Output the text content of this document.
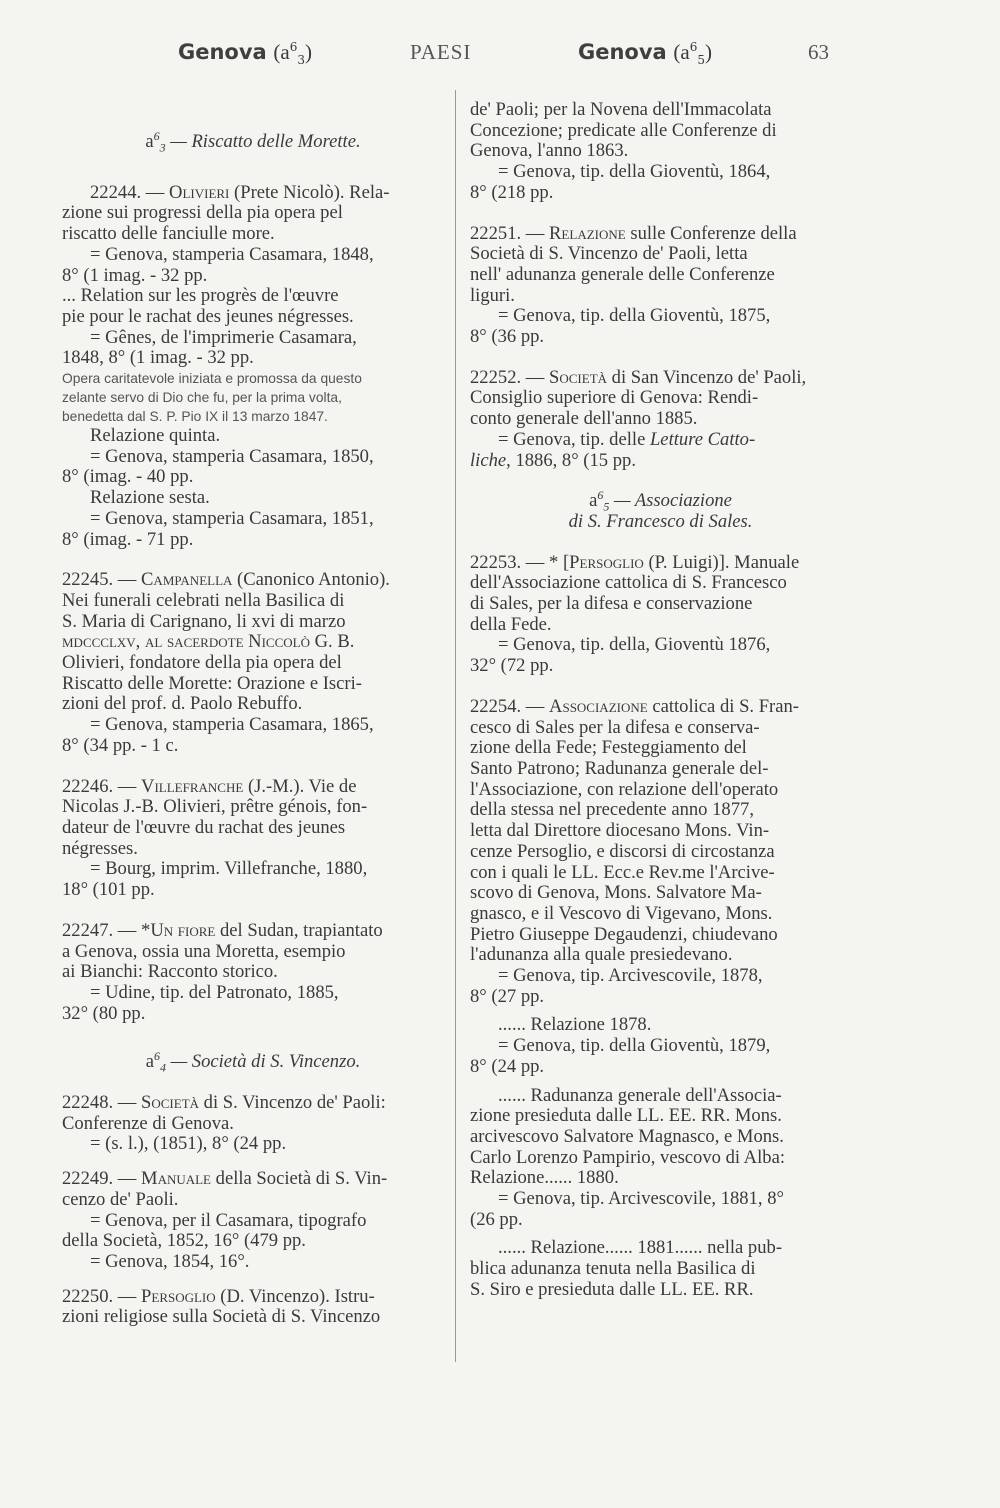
Genova $(a^6_3)$	PAESI	Genova $(a^6_5)$	63

$a^6_3$ — Riscatto delle Morette.

22244. — Olivieri (Prete Nicolò). Rela-

zione sui progressi della pia opera pel

riscatto delle fanciulle more.

= Genova, stamperia Casamara, 1848,

8° (1 imag. - 32 pp.

... Relation sur les progrès de l'œuvre

pie pour le rachat des jeunes négresses.

= Gênes, de l'imprimerie Casamara,

1848, 8° (1 imag. - 32 pp.

Opera caritatevole iniziata e promossa da questo

zelante servo di Dio che fu, per la prima volta,

benedetta dal S. P. Pio IX il 13 marzo 1847.

Relazione quinta.

= Genova, stamperia Casamara, 1850,

8° (imag. - 40 pp.

Relazione sesta.

= Genova, stamperia Casamara, 1851,

8° (imag. - 71 pp.

22245. — Campanella (Canonico Antonio).

Nei funerali celebrati nella Basilica di

S. Maria di Carignano, li xvi di marzo

mdccclxv, al sacerdote Niccolò G. B.

Olivieri, fondatore della pia opera del

Riscatto delle Morette: Orazione e Iscri-

zioni del prof. d. Paolo Rebuffo.

= Genova, stamperia Casamara, 1865,

8° (34 pp. - 1 c.

22246. — Villefranche (J.-M.). Vie de

Nicolas J.-B. Olivieri, prêtre génois, fon-

dateur de l'œuvre du rachat des jeunes

négresses.

= Bourg, imprim. Villefranche, 1880,

18° (101 pp.

22247. — *Un fiore del Sudan, trapiantato

a Genova, ossia una Moretta, esempio

ai Bianchi: Racconto storico.

= Udine, tip. del Patronato, 1885,

32° (80 pp.

$a^6_4$ — Società di S. Vincenzo.

22248. — Società di S. Vincenzo de' Paoli:

Conferenze di Genova.

= (s. l.), (1851), 8° (24 pp.

22249. — Manuale della Società di S. Vin-

cenzo de' Paoli.

= Genova, per il Casamara, tipografo

della Società, 1852, 16° (479 pp.

= Genova, 1854, 16°.

22250. — Persoglio (D. Vincenzo). Istru-

zioni religiose sulla Società di S. Vincenzo

de' Paoli; per la Novena dell'Immacolata

Concezione; predicate alle Conferenze di

Genova, l'anno 1863.

= Genova, tip. della Gioventù, 1864,

8° (218 pp.

22251. — Relazione sulle Conferenze della

Società di S. Vincenzo de' Paoli, letta

nell' adunanza generale delle Conferenze

liguri.

= Genova, tip. della Gioventù, 1875,

8° (36 pp.

22252. — Società di San Vincenzo de' Paoli,

Consiglio superiore di Genova: Rendi-

conto generale dell'anno 1885.

= Genova, tip. delle Letture Catto-

liche, 1886, 8° (15 pp.

$a^6_5$ — Associazione

di S. Francesco di Sales.

22253. — * [Persoglio (P. Luigi)]. Manuale

dell'Associazione cattolica di S. Francesco

di Sales, per la difesa e conservazione

della Fede.

= Genova, tip. della, Gioventù 1876,

32° (72 pp.

22254. — Associazione cattolica di S. Fran-

cesco di Sales per la difesa e conserva-

zione della Fede; Festeggiamento del

Santo Patrono; Radunanza generale del-

l'Associazione, con relazione dell'operato

della stessa nel precedente anno 1877,

letta dal Direttore diocesano Mons. Vin-

cenze Persoglio, e discorsi di circostanza

con i quali le LL. Ecc.e Rev.me l'Arcive-

scovo di Genova, Mons. Salvatore Ma-

gnasco, e il Vescovo di Vigevano, Mons.

Pietro Giuseppe Degaudenzi, chiudevano

l'adunanza alla quale presiedevano.

= Genova, tip. Arcivescovile, 1878,

8° (27 pp.

...... Relazione 1878.

= Genova, tip. della Gioventù, 1879,

8° (24 pp.

...... Radunanza generale dell'Associa-

zione presieduta dalle LL. EE. RR. Mons.

arcivescovo Salvatore Magnasco, e Mons.

Carlo Lorenzo Pampirio, vescovo di Alba:

Relazione...... 1880.

= Genova, tip. Arcivescovile, 1881, 8°

(26 pp.

...... Relazione...... 1881...... nella pub-

blica adunanza tenuta nella Basilica di

S. Siro e presieduta dalle LL. EE. RR.
